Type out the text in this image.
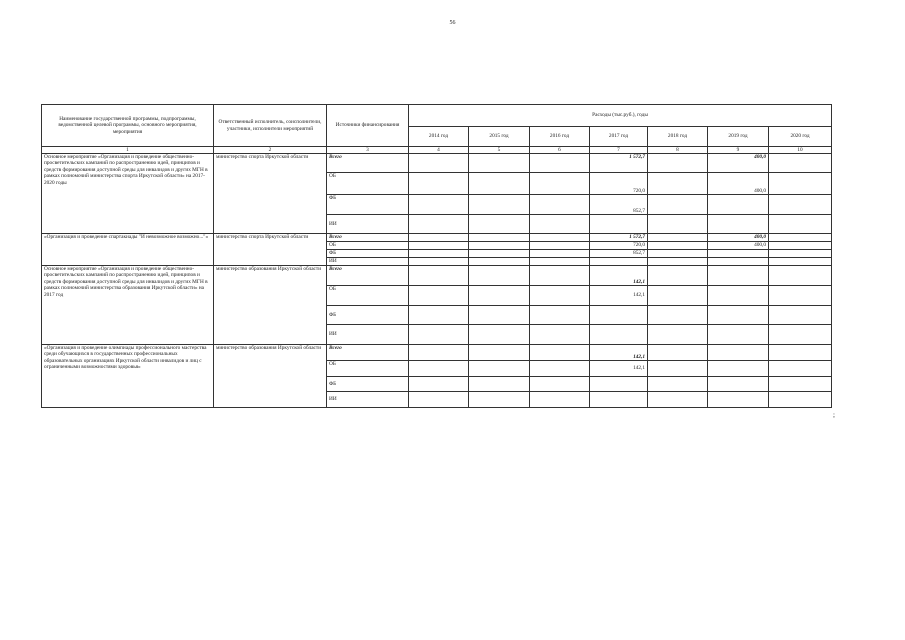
56
Наименование государственной программы, подпрограммы, ведомственной целевой программы, основного мероприятия, мероприятия	Ответственный исполнитель, соисполнители, участники, исполнители мероприятий	Источники финансирования	Расходы (тыс.руб.), годы						
			2014 год	2015 год	2016 год	2017 год	2018 год	2019 год	2020 год
1	2	3	4	5	6	7	8	9	10
Основное мероприятие «Организация и проведение общественно-просветительских кампаний по распространению идей, принципов и средств формирования доступной среды для инвалидов и других МГН в рамках полномочий министерства спорта Иркутской области» на 2017-2020 годы	министерство спорта Иркутской области	Всего				1 572,7		400,0	
		ОБ				720,0		400,0	
		ФБ				852,7			
		ИИ							
«Организация и проведение спартакиады "И невозможное возможно..."»	министерство спорта Иркутской области	Всего				1 572,7		400,0	
		ОБ				720,0		400,0	
		ФБ				852,7			
		ИИ							
Основное мероприятие «Организация и проведение общественно-просветительских кампаний по распространению идей, принципов и средств формирования доступной среды для инвалидов и других МГН в рамках полномочий министерства образования Иркутской области» на 2017 год	министерство образования Иркутской области	Всего				142,1			
		ОБ				142,1			
		ФБ							
		ИИ							
«Организация и проведение олимпиады профессионального мастерства среди обучающихся в государственных профессиональных образовательных организациях Иркутской области инвалидов и лиц с ограниченными возможностями здоровья»	министерство образования Иркутской области	Всего				142,1			
		ОБ				142,1			
		ФБ							
		ИИ							
;
